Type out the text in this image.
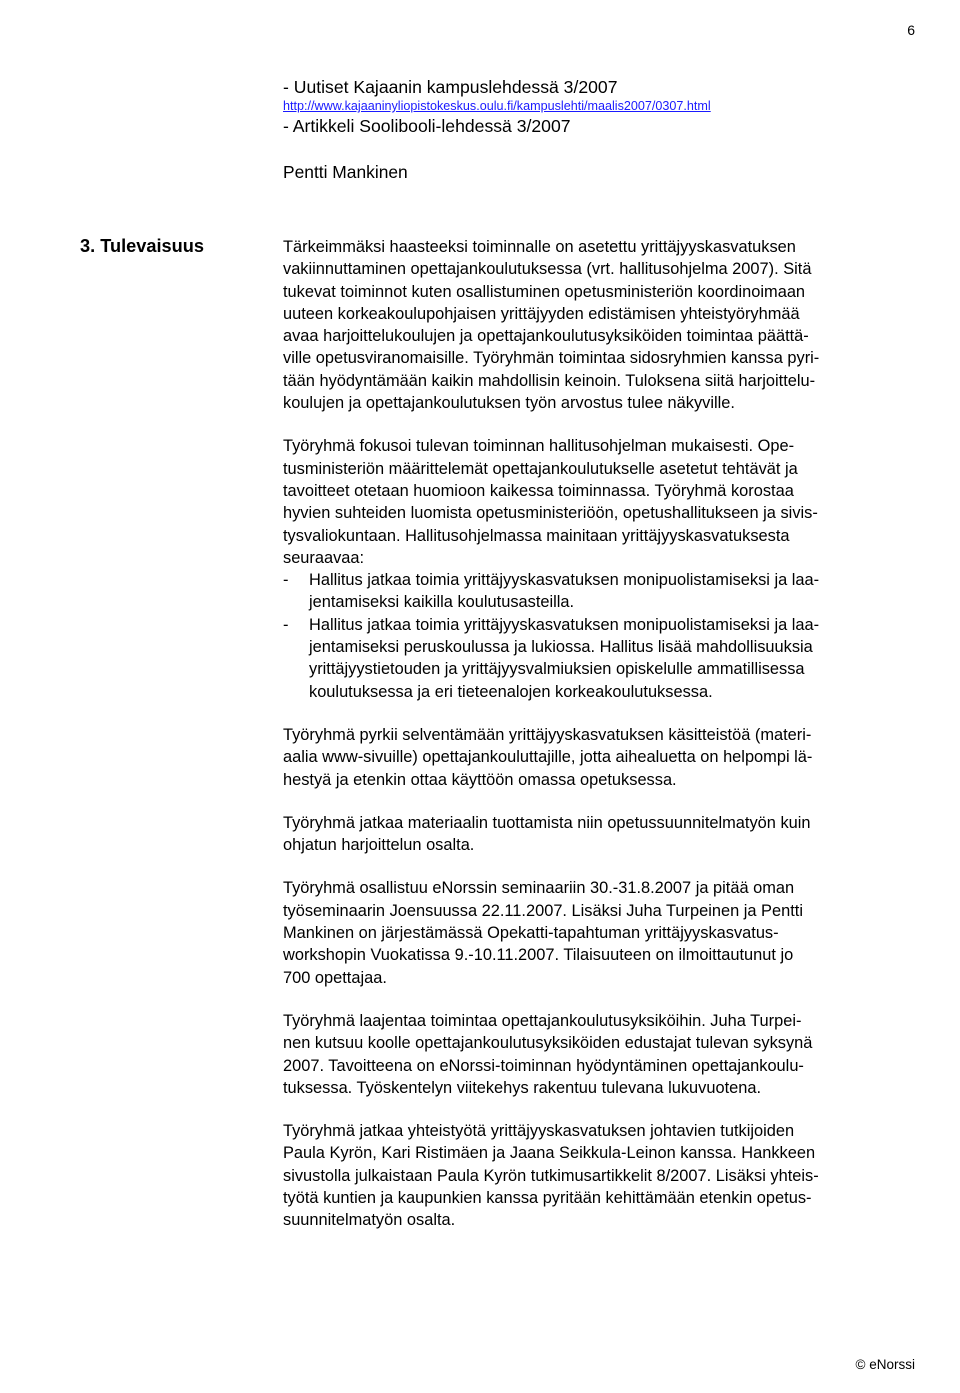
6
- Uutiset Kajaanin kampuslehdessä 3/2007
http://www.kajaaninyliopistokeskus.oulu.fi/kampuslehti/maalis2007/0307.html
- Artikkeli Soolibooli-lehdessä 3/2007
Pentti Mankinen
3. Tulevaisuus	Tärkeimmäksi haasteeksi toiminnalle on asetettu yrittäjyyskasvatuksen
vakiinnuttaminen opettajankoulutuksessa (vrt. hallitusohjelma 2007). Sitä
tukevat toiminnot kuten osallistuminen opetusministeriön koordinoimaan
uuteen korkeakoulupohjaisen yrittäjyyden edistämisen yhteistyöryhmää
avaa harjoittelukoulujen ja opettajankoulutusyksiköiden toimintaa päättä-
ville opetusviranomaisille. Työryhmän toimintaa sidosryhmien kanssa pyri-
tään hyödyntämään kaikin mahdollisin keinoin. Tuloksena siitä harjoittelu-
koulujen ja opettajankoulutuksen työn arvostus tulee näkyville.
Työryhmä fokusoi tulevan toiminnan hallitusohjelman mukaisesti. Ope-
tusministeriön määrittelemät opettajankoulutukselle asetetut tehtävät ja
tavoitteet otetaan huomioon kaikessa toiminnassa. Työryhmä korostaa
hyvien suhteiden luomista opetusministeriöön, opetushallitukseen ja sivis-
tysvaliokuntaan. Hallitusohjelmassa mainitaan yrittäjyyskasvatuksesta
seuraavaa:
-	Hallitus jatkaa toimia yrittäjyyskasvatuksen monipuolistamiseksi ja laa-
jentamiseksi kaikilla koulutusasteilla.
-	Hallitus jatkaa toimia yrittäjyyskasvatuksen monipuolistamiseksi ja laa-
jentamiseksi peruskoulussa ja lukiossa. Hallitus lisää mahdollisuuksia
yrittäjyystietouden ja yrittäjyysvalmiuksien opiskelulle ammatillisessa
koulutuksessa ja eri tieteenalojen korkeakoulutuksessa.
Työryhmä pyrkii selventämään yrittäjyyskasvatuksen käsitteistöä (materi-
aalia www-sivuille) opettajankouluttajille, jotta aihealuetta on helpompi lä-
hestyä ja etenkin ottaa käyttöön omassa opetuksessa.
Työryhmä jatkaa materiaalin tuottamista niin opetussuunnitelmatyön kuin
ohjatun harjoittelun osalta.
Työryhmä osallistuu eNorssin seminaariin 30.-31.8.2007 ja pitää oman
työseminaarin Joensuussa 22.11.2007. Lisäksi Juha Turpeinen ja Pentti
Mankinen on järjestämässä Opekatti-tapahtuman yrittäjyyskasvatus-
workshopin Vuokatissa 9.-10.11.2007. Tilaisuuteen on ilmoittautunut jo
700 opettajaa.
Työryhmä laajentaa toimintaa opettajankoulutusyksiköihin. Juha Turpei-
nen kutsuu koolle opettajankoulutusyksiköiden edustajat tulevan syksynä
2007. Tavoitteena on eNorssi-toiminnan hyödyntäminen opettajankoulu-
tuksessa. Työskentelyn viitekehys rakentuu tulevana lukuvuotena.
Työryhmä jatkaa yhteistyötä yrittäjyyskasvatuksen johtavien tutkijoiden
Paula Kyrön, Kari Ristimäen ja Jaana Seikkula-Leinon kanssa. Hankkeen
sivustolla julkaistaan Paula Kyrön tutkimusartikkelit 8/2007. Lisäksi yhteis-
työtä kuntien ja kaupunkien kanssa pyritään kehittämään etenkin opetus-
suunnitelmatyön osalta.
© eNorssi
